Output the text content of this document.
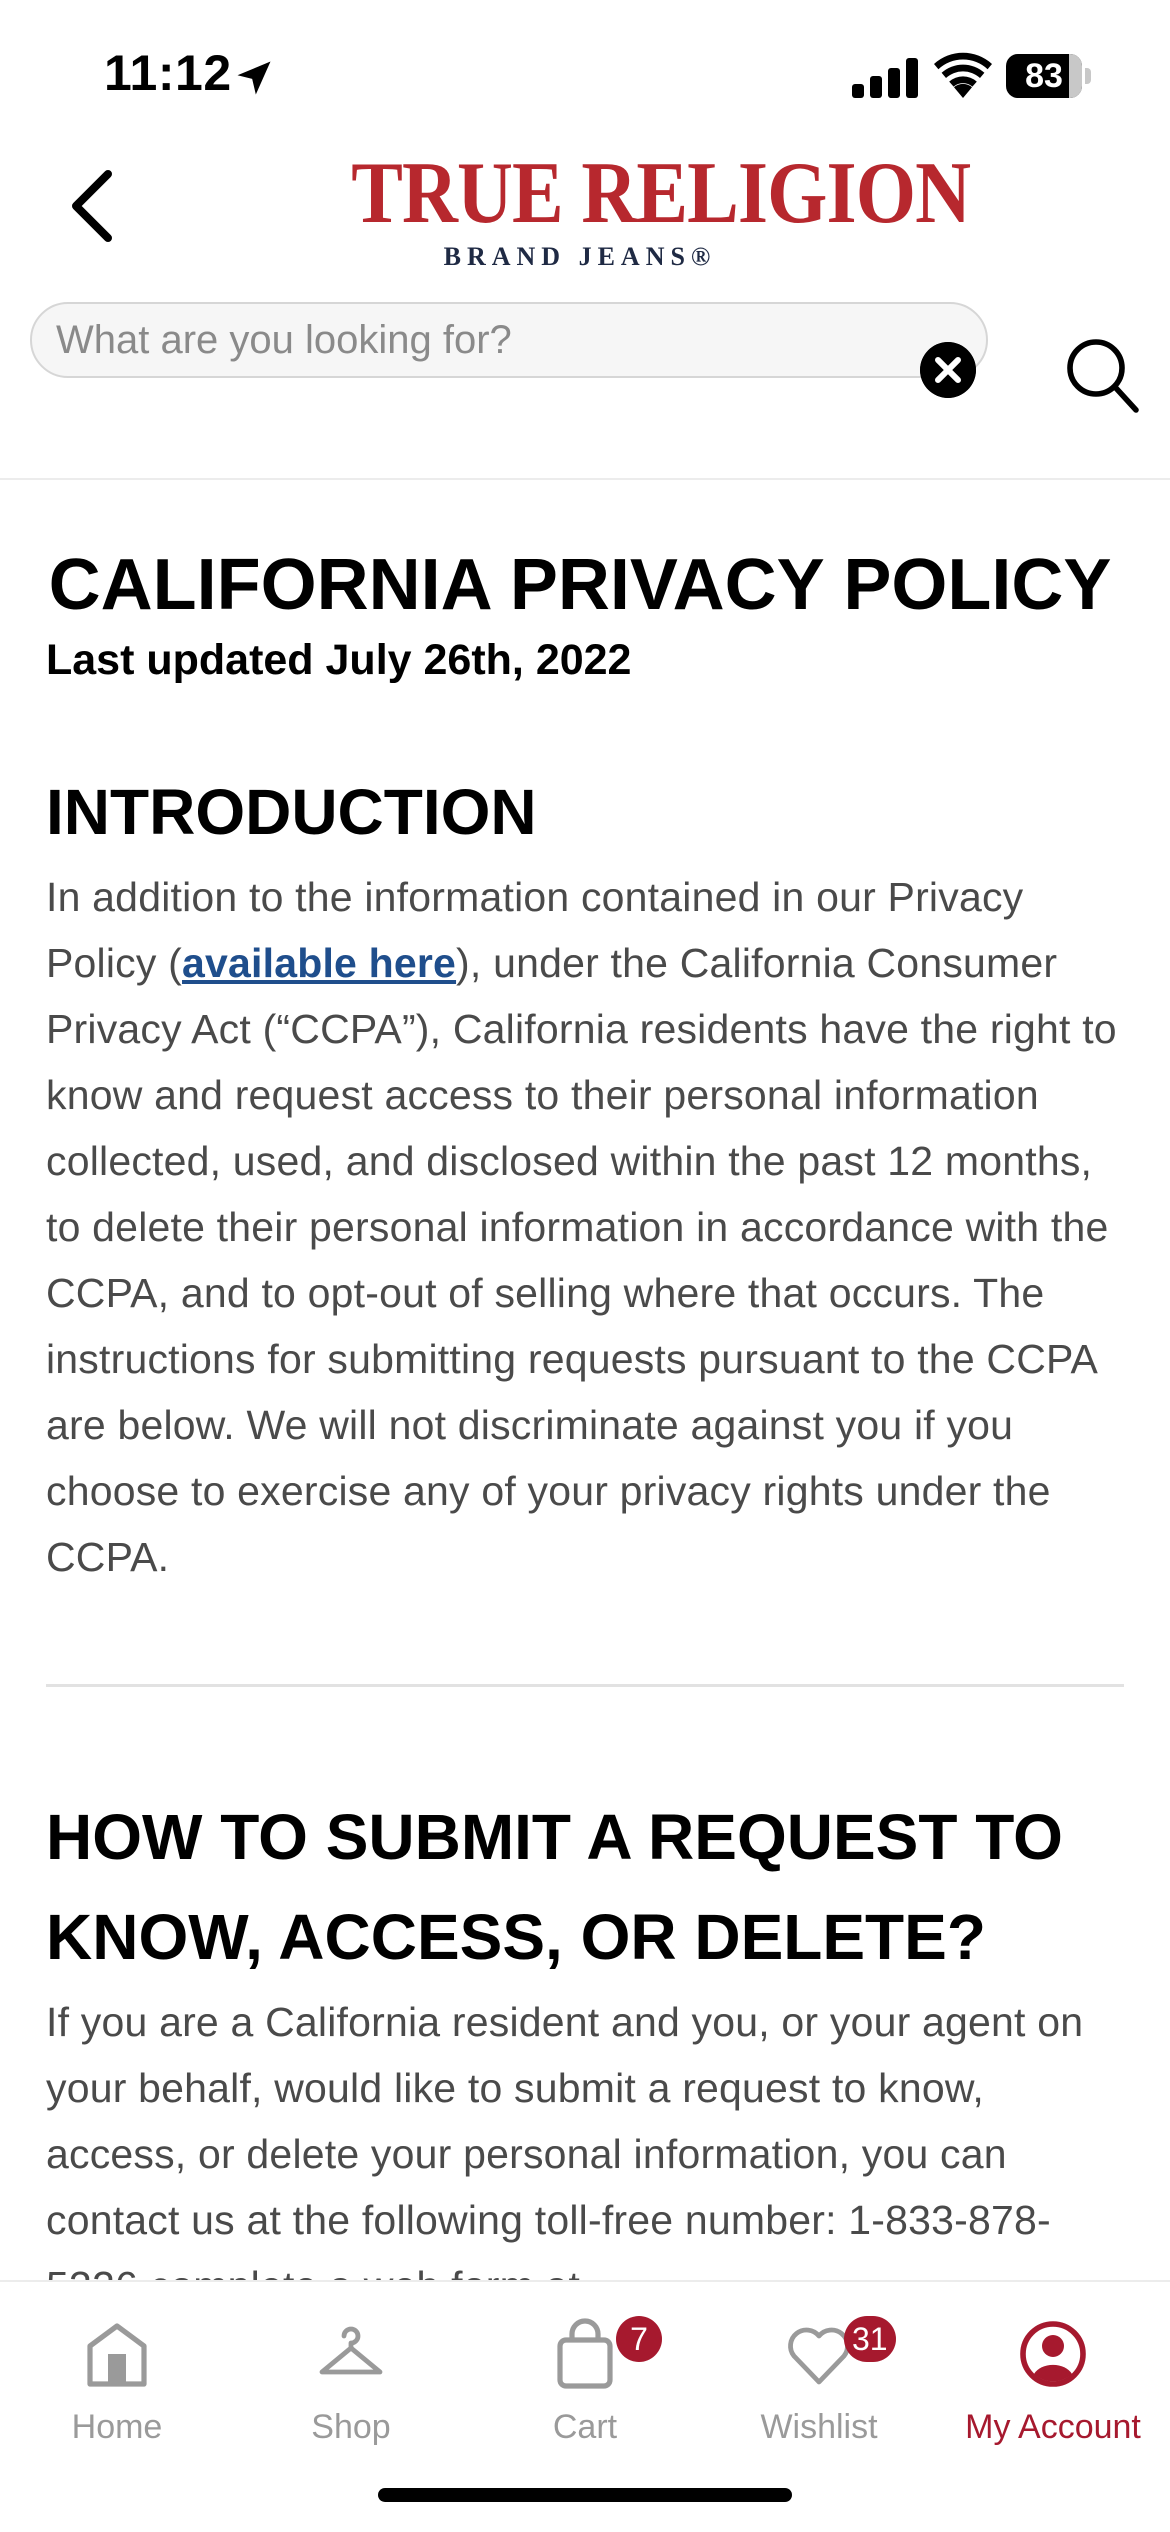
11:12	83
TRUE RELIGION
BRAND JEANS®
What are you looking for?
CALIFORNIA PRIVACY POLICY
Last updated July 26th, 2022
INTRODUCTION

In addition to the information contained in our Privacy Policy (available here), under the California Consumer Privacy Act (“CCPA”), California residents have the right to know and request access to their personal information collected, used, and disclosed within the past 12 months, to delete their personal information in accordance with the CCPA, and to opt-out of selling where that occurs. The instructions for submitting requests pursuant to the CCPA are below. We will not discriminate against you if you choose to exercise any of your privacy rights under the CCPA.

HOW TO SUBMIT A REQUEST TO KNOW, ACCESS, OR DELETE?

If you are a California resident and you, or your agent on your behalf, would like to submit a request to know, access, or delete your personal information, you can contact us at the following toll-free number: 1-833-878-

Home	Shop
7
Cart
31
Wishlist	My Account
